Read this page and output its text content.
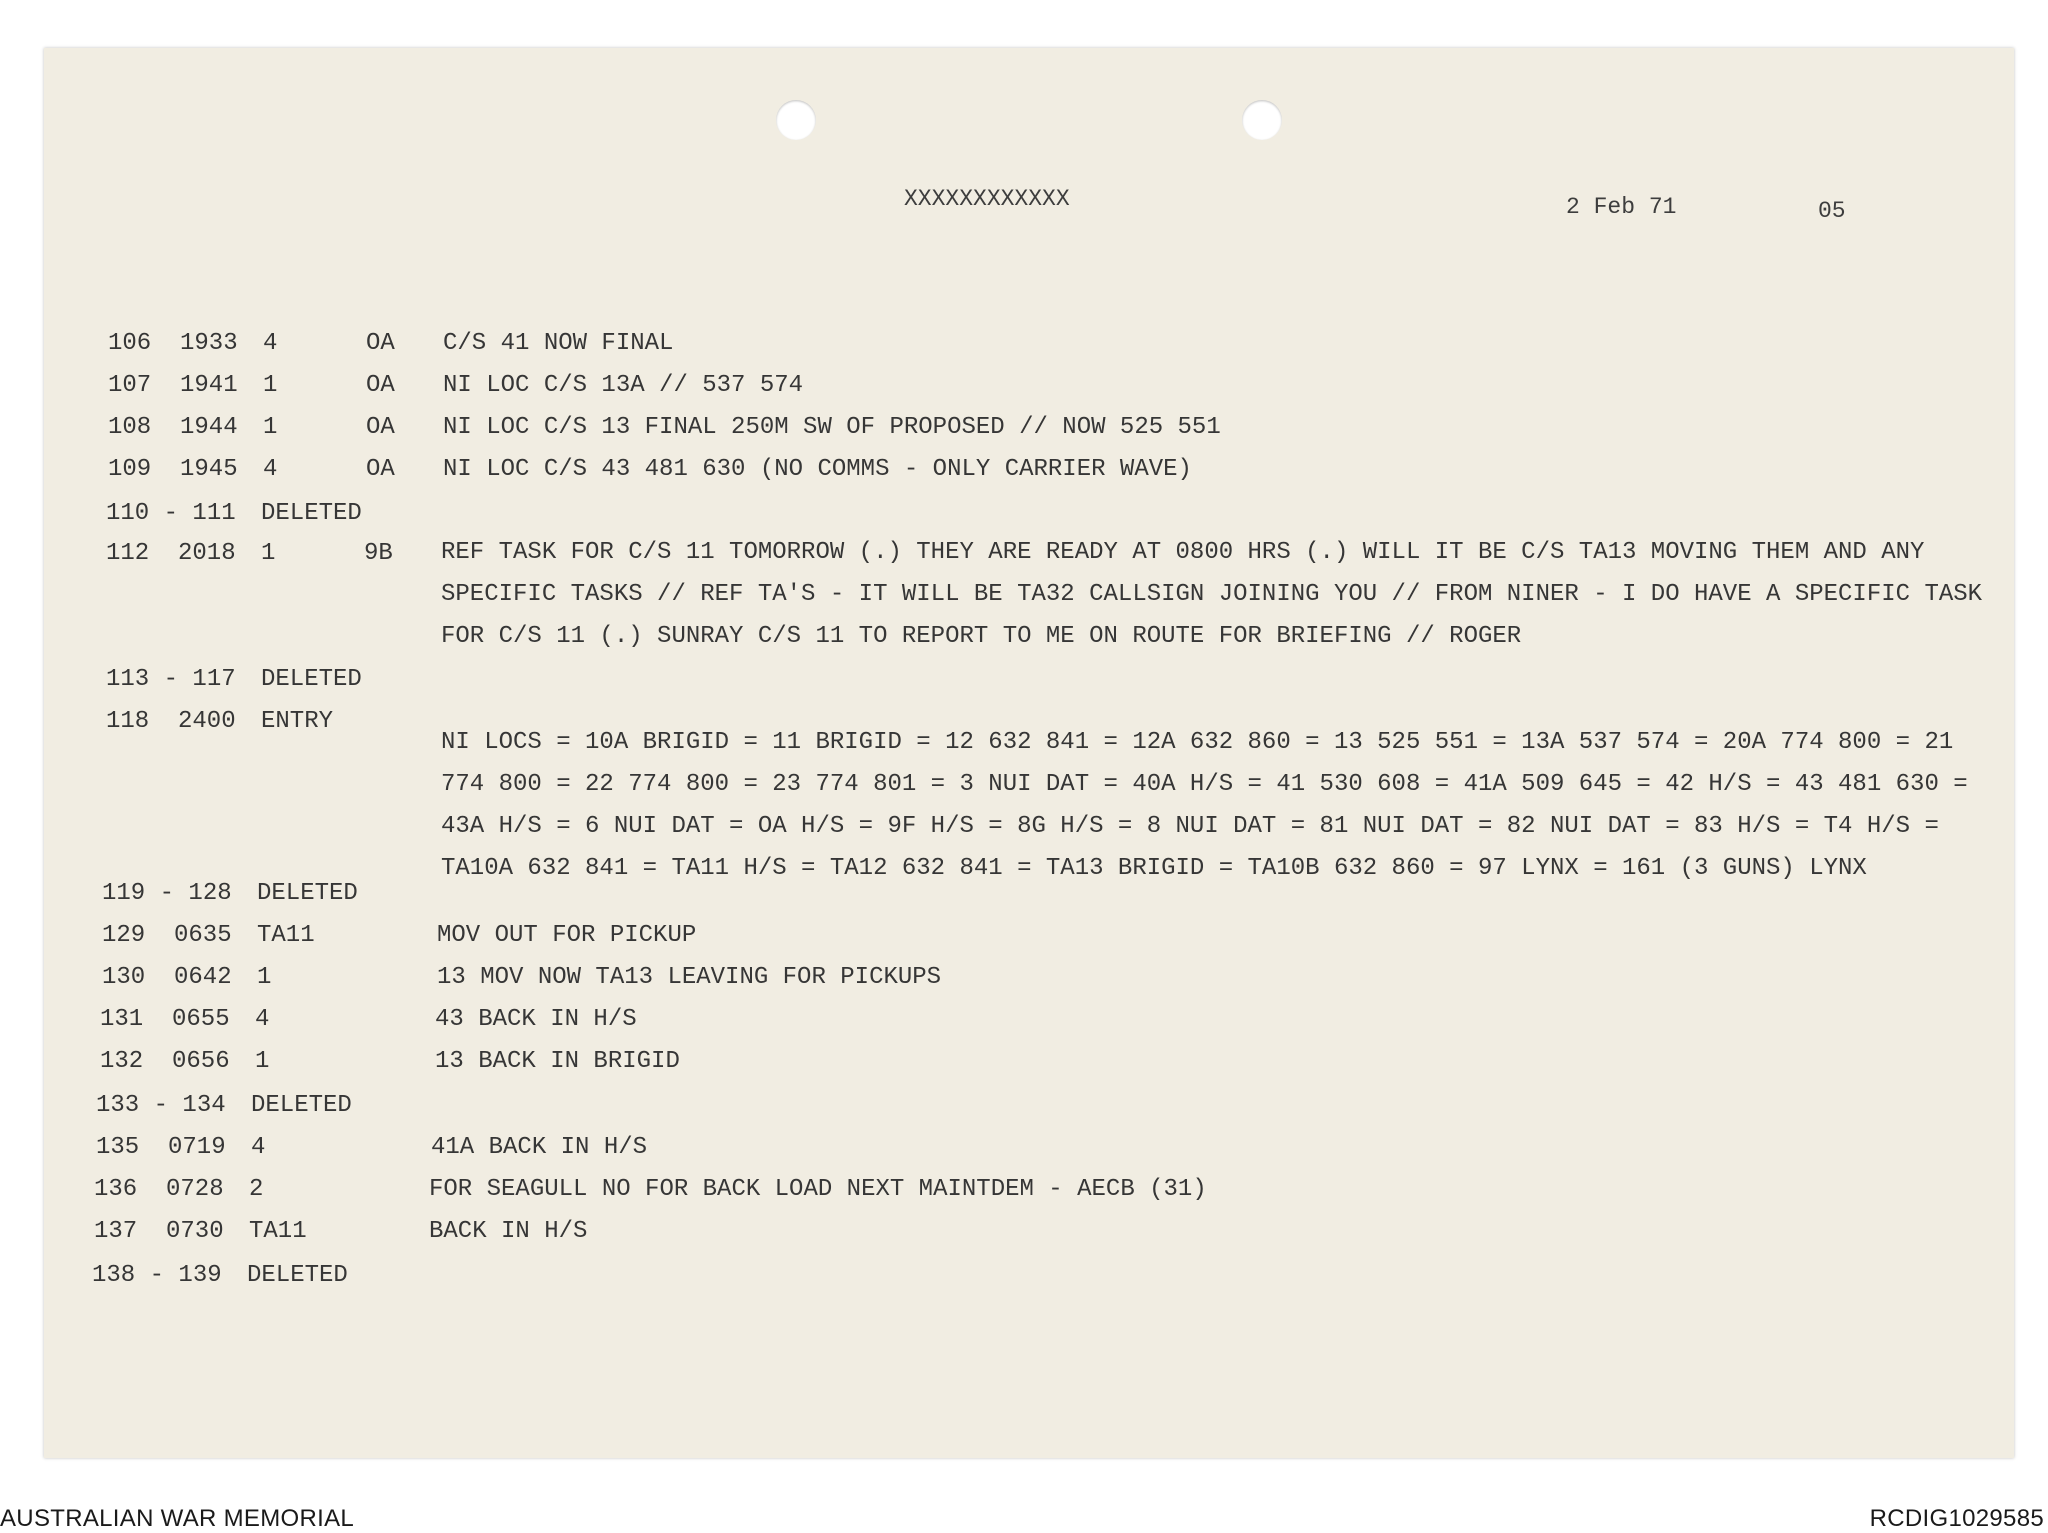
XXXXXXXXXXXX	2 Feb 71	05
106 1933 4	OA C/S 41 NOW FINAL
107 1941 1	OA NI LOC C/S 13A // 537 574
108 1944 1	OA NI LOC C/S 13 FINAL 250M SW OF PROPOSED // NOW 525 551
109 1945 4	OA NI LOC C/S 43 481 630 (NO COMMS - ONLY CARRIER WAVE)
110 - 111 DELETED
112 2018 1	9B REF TASK FOR C/S 11 TOMORROW (.) THEY ARE READY AT 0800 HRS (.) WILL IT BE C/S TA13 MOVING THEM AND ANY SPECIFIC TASKS // REF TA'S - IT WILL BE TA32 CALLSIGN JOINING YOU // FROM NINER - I DO HAVE A SPECIFIC TASK FOR C/S 11 (.) SUNRAY C/S 11 TO REPORT TO ME ON ROUTE FOR BRIEFING // ROGER
113 - 117 DELETED
118 2400 ENTRY
NI LOCS = 10A BRIGID = 11 BRIGID = 12 632 841 = 12A 632 860 = 13 525 551 = 13A 537 574 = 20A 774 800 = 21 774 800 = 22 774 800 = 23 774 801 = 3 NUI DAT = 40A H/S = 41 530 608 = 41A 509 645 = 42 H/S = 43 481 630 = 43A H/S = 6 NUI DAT = OA H/S = 9F H/S = 8G H/S = 8 NUI DAT = 81 NUI DAT = 82 NUI DAT = 83 H/S = T4 H/S = TA10A 632 841 = TA11 H/S = TA12 632 841 = TA13 BRIGID = TA10B 632 860 = 97 LYNX = 161 (3 GUNS) LYNX
119 - 128 DELETED
129 0635 TA11	MOV OUT FOR PICKUP
130 0642 1	13 MOV NOW TA13 LEAVING FOR PICKUPS
131 0655 4	43 BACK IN H/S
132 0656 1	13 BACK IN BRIGID
133 - 134 DELETED
135 0719 4	41A BACK IN H/S
136 0728 2	FOR SEAGULL NO FOR BACK LOAD NEXT MAINTDEM - AECB (31)
137 0730 TA11	BACK IN H/S
138 - 139 DELETED
AUSTRALIAN WAR MEMORIAL	RCDIG1029585
